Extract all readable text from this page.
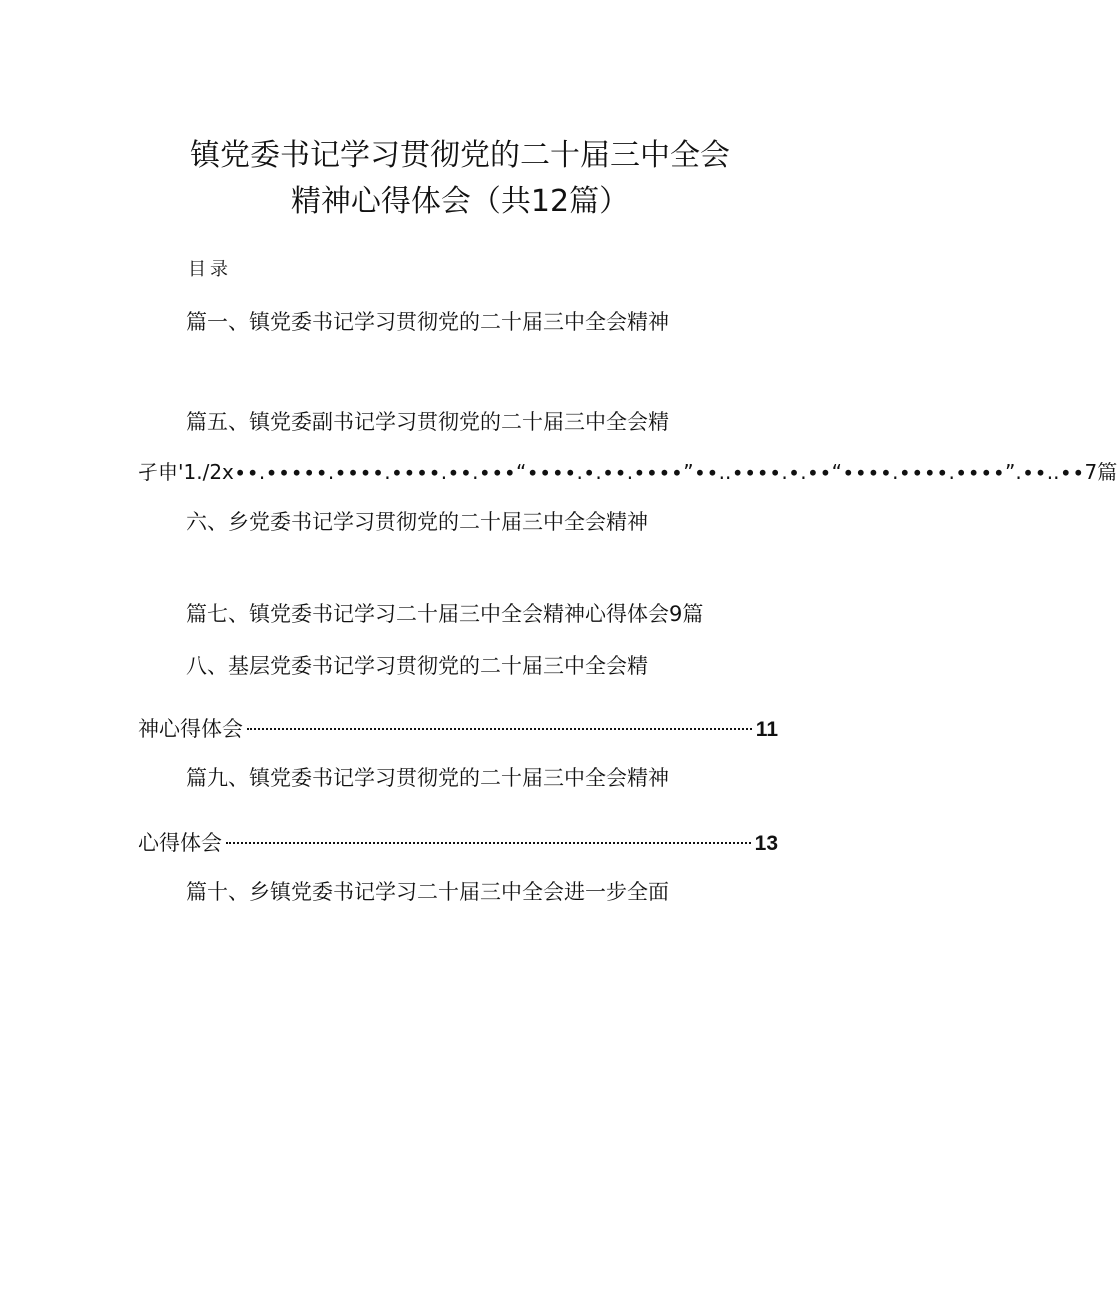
镇党委书记学习贯彻党的二十届三中全会
精神心得体会（共12篇）
目录
篇一、镇党委书记学习贯彻党的二十届三中全会精神
篇五、镇党委副书记学习贯彻党的二十届三中全会精
孑申'1./2x∙∙.∙∙∙∙∙.∙∙∙∙.∙∙∙∙.∙∙.∙∙∙“∙∙∙∙.∙.∙∙.∙∙∙∙”∙∙..∙∙∙∙.∙.∙∙“∙∙∙∙.∙∙∙∙.∙∙∙∙”.∙∙..∙∙7篇
六、乡党委书记学习贯彻党的二十届三中全会精神
篇七、镇党委书记学习二十届三中全会精神心得体会9篇
八、基层党委书记学习贯彻党的二十届三中全会精
神心得体会	11
篇九、镇党委书记学习贯彻党的二十届三中全会精神
心得体会	13
篇十、乡镇党委书记学习二十届三中全会进一步全面
